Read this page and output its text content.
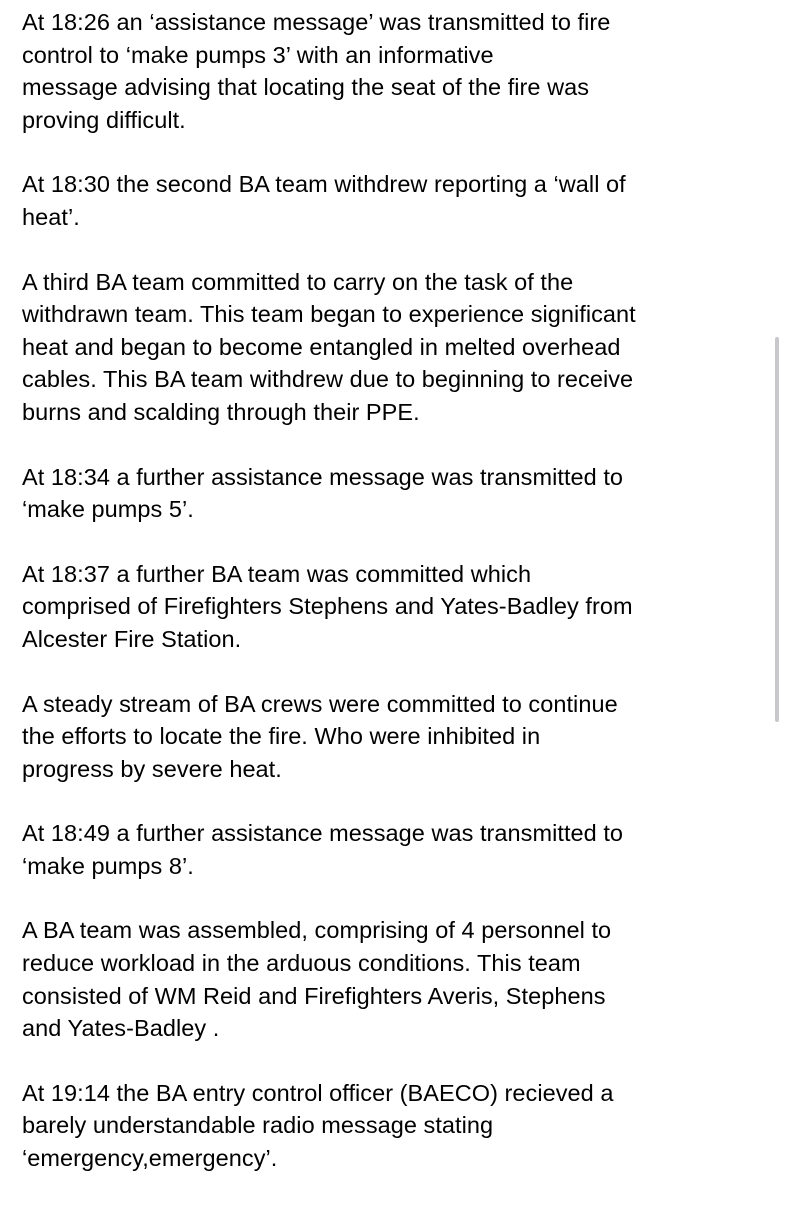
At 18:26 an ‘assistance message’ was transmitted to fire
control to ‘make pumps 3’ with an informative
message advising that locating the seat of the fire was
proving difficult.

At 18:30 the second BA team withdrew reporting a ‘wall of
heat’.

A third BA team committed to carry on the task of the
withdrawn team. This team began to experience significant
heat and began to become entangled in melted overhead
cables. This BA team withdrew due to beginning to receive
burns and scalding through their PPE.

At 18:34 a further assistance message was transmitted to
‘make pumps 5’.

At 18:37 a further BA team was committed which
comprised of Firefighters Stephens and Yates-Badley from
Alcester Fire Station.

A steady stream of BA crews were committed to continue
the efforts to locate the fire. Who were inhibited in
progress by severe heat.

At 18:49 a further assistance message was transmitted to
‘make pumps 8’.

A BA team was assembled, comprising of 4 personnel to
reduce workload in the arduous conditions. This team
consisted of WM Reid and Firefighters Averis, Stephens
and Yates-Badley .

At 19:14 the BA entry control officer (BAECO) recieved a
barely understandable radio message stating
‘emergency,emergency’.
